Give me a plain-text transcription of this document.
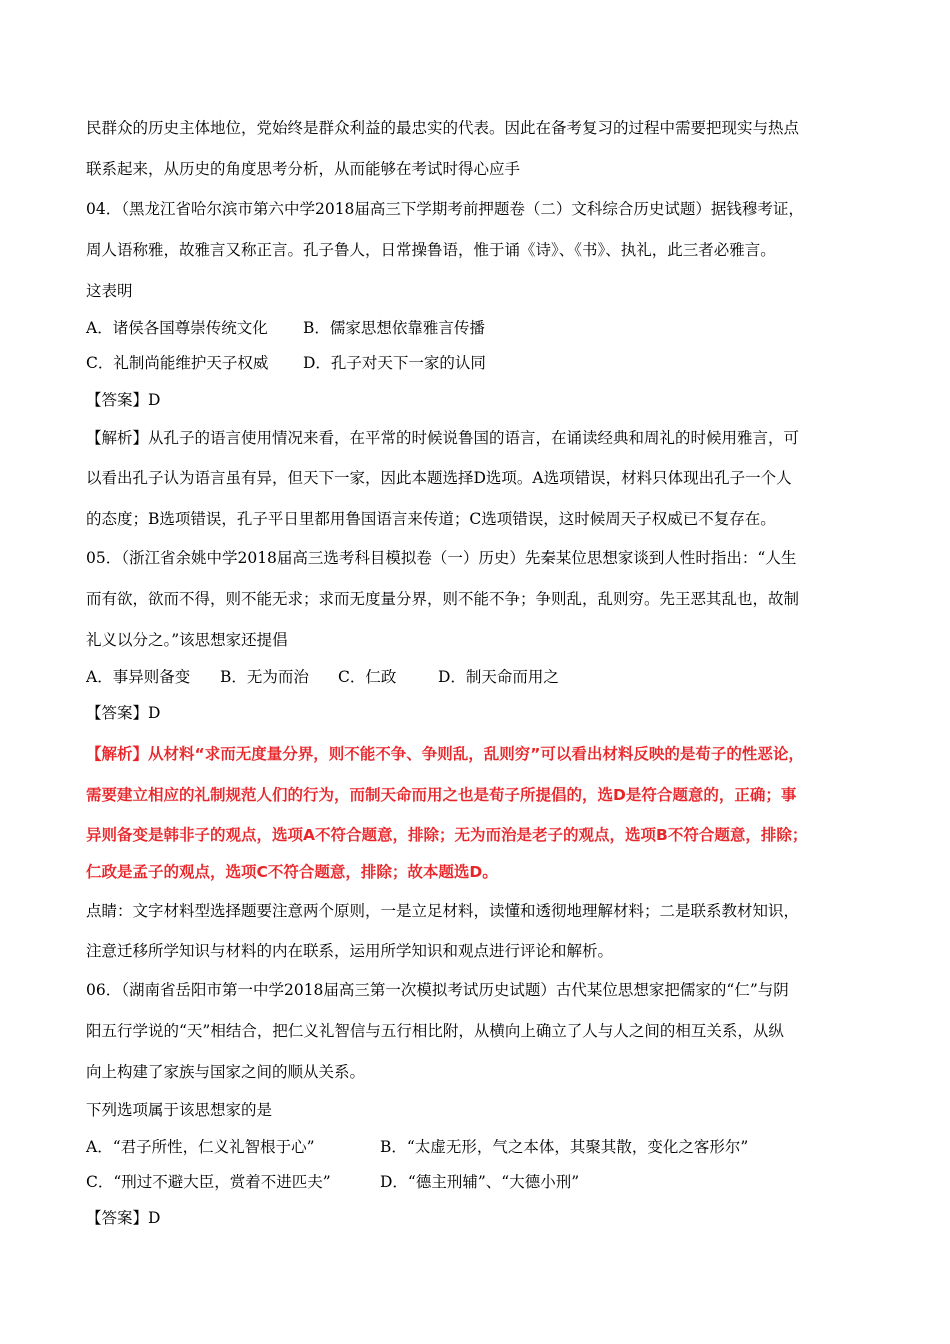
民群众的历史主体地位，党始终是群众利益的最忠实的代表。因此在备考复习的过程中需要把现实与热点
联系起来，从历史的角度思考分析，从而能够在考试时得心应手
04．（黑龙江省哈尔滨市第六中学2018届高三下学期考前押题卷（二）文科综合历史试题）据钱穆考证，
周人语称雅，故雅言又称正言。孔子鲁人，日常操鲁语，惟于诵《诗》、《书》、执礼，此三者必雅言。
这表明
A．诸侯各国尊崇传统文化 B．儒家思想依靠雅言传播
C．礼制尚能维护天子权威 D．孔子对天下一家的认同
【答案】D
【解析】从孔子的语言使用情况来看，在平常的时候说鲁国的语言，在诵读经典和周礼的时候用雅言，可
以看出孔子认为语言虽有异，但天下一家，因此本题选择D选项。A选项错误，材料只体现出孔子一个人
的态度；B选项错误，孔子平日里都用鲁国语言来传道；C选项错误，这时候周天子权威已不复存在。
05．（浙江省余姚中学2018届高三选考科目模拟卷（一）历史）先秦某位思想家谈到人性时指出：“人生
而有欲，欲而不得，则不能无求；求而无度量分界，则不能不争；争则乱，乱则穷。先王恶其乱也，故制
礼义以分之。”该思想家还提倡
A．事异则备变 B．无为而治 C．仁政	D．制天命而用之
【答案】D
【解析】从材料“求而无度量分界，则不能不争、争则乱，乱则穷”可以看出材料反映的是荀子的性恶论，
需要建立相应的礼制规范人们的行为，而制天命而用之也是荀子所提倡的，选D是符合题意的，正确；事
异则备变是韩非子的观点，选项A不符合题意，排除；无为而治是老子的观点，选项B不符合题意，排除；
仁政是孟子的观点，选项C不符合题意，排除；故本题选D。
点睛：文字材料型选择题要注意两个原则，一是立足材料，读懂和透彻地理解材料；二是联系教材知识，
注意迁移所学知识与材料的内在联系，运用所学知识和观点进行评论和解析。
06．（湖南省岳阳市第一中学2018届高三第一次模拟考试历史试题）古代某位思想家把儒家的“仁”与阴
阳五行学说的“天”相结合，把仁义礼智信与五行相比附，从横向上确立了人与人之间的相互关系，从纵
向上构建了家族与国家之间的顺从关系。
下列选项属于该思想家的是
A．“君子所性，仁义礼智根于心”	B．“太虚无形，气之本体，其聚其散，变化之客形尔”
C．“刑过不避大臣，赏着不进匹夫”	D．“德主刑辅”、“大德小刑”
【答案】D
